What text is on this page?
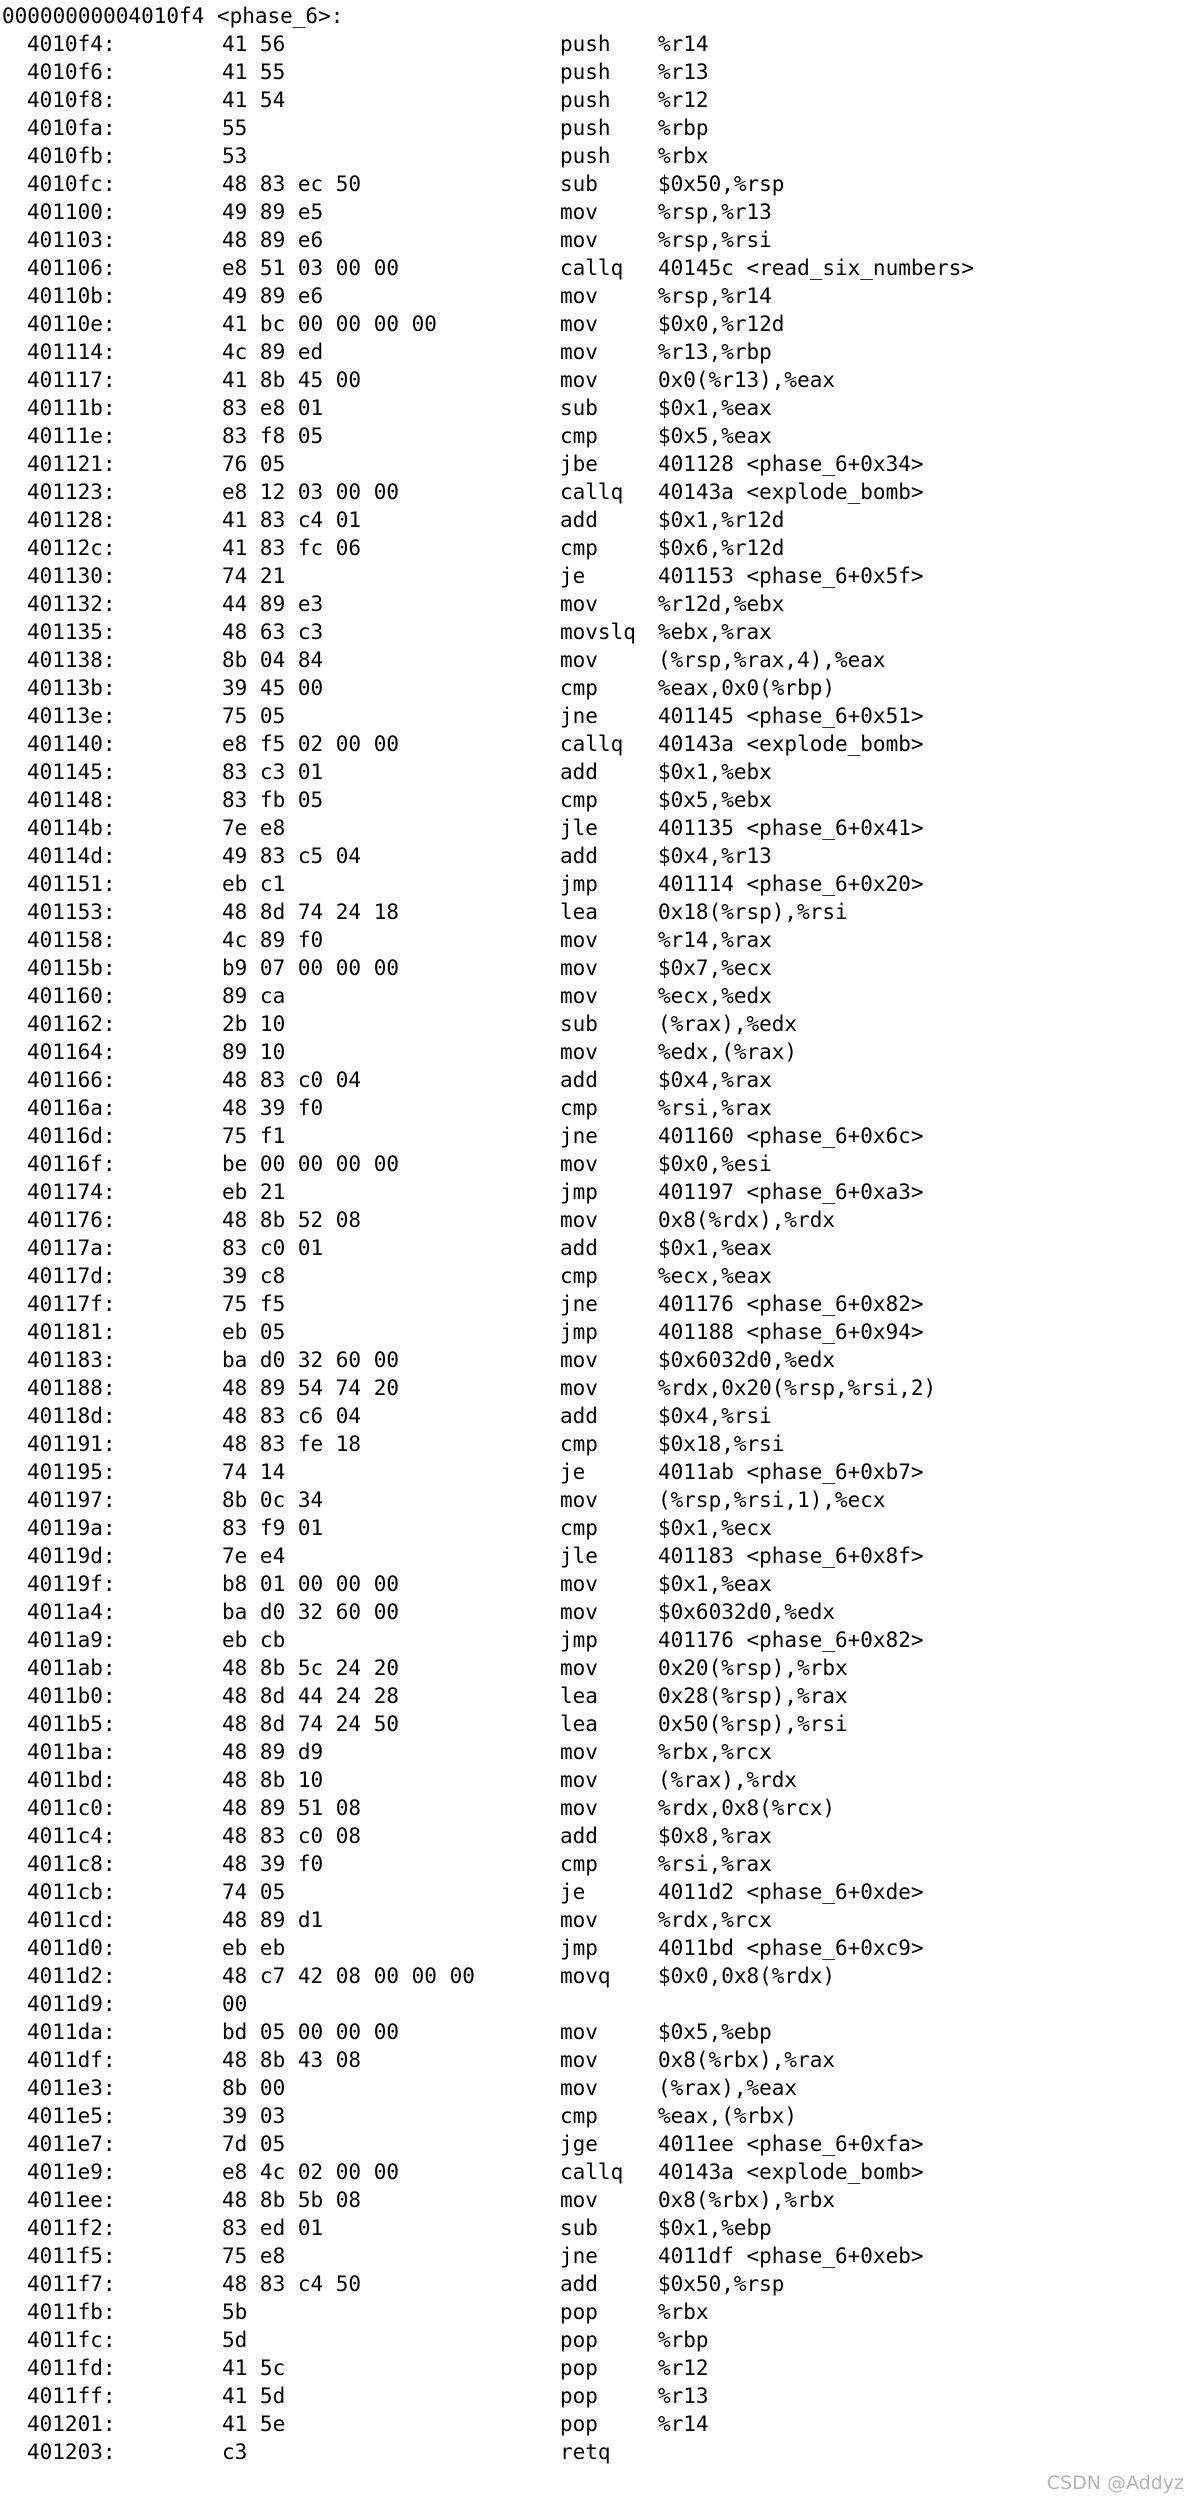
00000000004010f4 <phase_6>:
4010f4:	41 56	push %r14
4010f6:	41 55	push %r13
4010f8:	41 54	push %r12
4010fa:	55	push %rbp
4010fb:	53	push %rbx
4010fc:	48 83 ec 50	sub	$0x50,%rsp
401100:	49 89 e5	mov	%rsp,%r13
401103:	48 89 e6	mov	%rsp,%rsi
401106:	e8 51 03 00 00	callq 40145c <read_six_numbers>
40110b:	49 89 e6	mov	%rsp,%r14
40110e:	41 bc 00 00 00 00	mov	$0x0,%r12d
401114:	4c 89 ed	mov	%r13,%rbp
401117:	41 8b 45 00	mov	0x0(%r13),%eax
40111b:	83 e8 01	sub	$0x1,%eax
40111e:	83 f8 05	cmp	$0x5,%eax
401121:	76 05	jbe	401128 <phase_6+0x34>
401123:	e8 12 03 00 00	callq 40143a <explode_bomb>
401128:	41 83 c4 01	add	$0x1,%r12d
40112c:	41 83 fc 06	cmp	$0x6,%r12d
401130:	74 21	je	401153 <phase_6+0x5f>
401132:	44 89 e3	mov	%r12d,%ebx
401135:	48 63 c3	movslq %ebx,%rax
401138:	8b 04 84	mov	(%rsp,%rax,4),%eax
40113b:	39 45 00	cmp	%eax,0x0(%rbp)
40113e:	75 05	jne	401145 <phase_6+0x51>
401140:	e8 f5 02 00 00	callq 40143a <explode_bomb>
401145:	83 c3 01	add	$0x1,%ebx
401148:	83 fb 05	cmp	$0x5,%ebx
40114b:	7e e8	jle	401135 <phase_6+0x41>
40114d:	49 83 c5 04	add	$0x4,%r13
401151:	eb c1	jmp	401114 <phase_6+0x20>
401153:	48 8d 74 24 18	lea	0x18(%rsp),%rsi
401158:	4c 89 f0	mov	%r14,%rax
40115b:	b9 07 00 00 00	mov	$0x7,%ecx
401160:	89 ca	mov	%ecx,%edx
401162:	2b 10	sub	(%rax),%edx
401164:	89 10	mov	%edx,(%rax)
401166:	48 83 c0 04	add	$0x4,%rax
40116a:	48 39 f0	cmp	%rsi,%rax
40116d:	75 f1	jne	401160 <phase_6+0x6c>
40116f:	be 00 00 00 00	mov	$0x0,%esi
401174:	eb 21	jmp	401197 <phase_6+0xa3>
401176:	48 8b 52 08	mov	0x8(%rdx),%rdx
40117a:	83 c0 01	add	$0x1,%eax
40117d:	39 c8	cmp	%ecx,%eax
40117f:	75 f5	jne	401176 <phase_6+0x82>
401181:	eb 05	jmp	401188 <phase_6+0x94>
401183:	ba d0 32 60 00	mov	$0x6032d0,%edx
401188:	48 89 54 74 20	mov	%rdx,0x20(%rsp,%rsi,2)
40118d:	48 83 c6 04	add	$0x4,%rsi
401191:	48 83 fe 18	cmp	$0x18,%rsi
401195:	74 14	je	4011ab <phase_6+0xb7>
401197:	8b 0c 34	mov	(%rsp,%rsi,1),%ecx
40119a:	83 f9 01	cmp	$0x1,%ecx
40119d:	7e e4	jle	401183 <phase_6+0x8f>
40119f:	b8 01 00 00 00	mov	$0x1,%eax
4011a4:	ba d0 32 60 00	mov	$0x6032d0,%edx
4011a9:	eb cb	jmp	401176 <phase_6+0x82>
4011ab:	48 8b 5c 24 20	mov	0x20(%rsp),%rbx
4011b0:	48 8d 44 24 28	lea	0x28(%rsp),%rax
4011b5:	48 8d 74 24 50	lea	0x50(%rsp),%rsi
4011ba:	48 89 d9	mov	%rbx,%rcx
4011bd:	48 8b 10	mov	(%rax),%rdx
4011c0:	48 89 51 08	mov	%rdx,0x8(%rcx)
4011c4:	48 83 c0 08	add	$0x8,%rax
4011c8:	48 39 f0	cmp	%rsi,%rax
4011cb:	74 05	je	4011d2 <phase_6+0xde>
4011cd:	48 89 d1	mov	%rdx,%rcx
4011d0:	eb eb	jmp	4011bd <phase_6+0xc9>
4011d2:	48 c7 42 08 00 00 00	movq $0x0,0x8(%rdx)
4011d9:	00
4011da:	bd 05 00 00 00	mov	$0x5,%ebp
4011df:	48 8b 43 08	mov	0x8(%rbx),%rax
4011e3:	8b 00	mov	(%rax),%eax
4011e5:	39 03	cmp	%eax,(%rbx)
4011e7:	7d 05	jge	4011ee <phase_6+0xfa>
4011e9:	e8 4c 02 00 00	callq 40143a <explode_bomb>
4011ee:	48 8b 5b 08	mov	0x8(%rbx),%rbx
4011f2:	83 ed 01	sub	$0x1,%ebp
4011f5:	75 e8	jne	4011df <phase_6+0xeb>
4011f7:	48 83 c4 50	add	$0x50,%rsp
4011fb:	5b	pop	%rbx
4011fc:	5d	pop	%rbp
4011fd:	41 5c	pop	%r12
4011ff:	41 5d	pop	%r13
401201:	41 5e	pop	%r14
401203:	c3	retq
CSDN @Addyz
